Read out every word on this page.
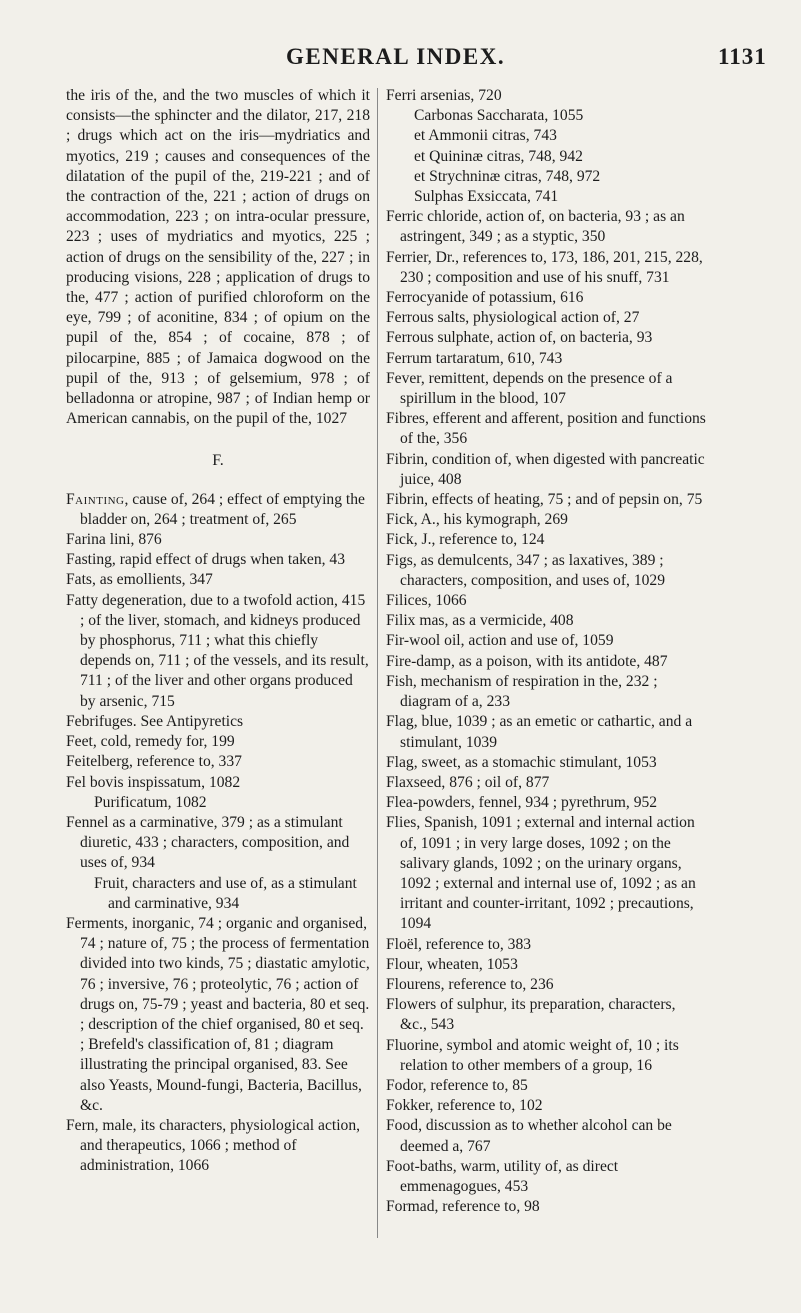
GENERAL INDEX.	1131

the iris of the, and the two muscles of which it consists—the sphincter and the dilator, 217, 218 ; drugs which act on the iris—mydriatics and myotics, 219 ; causes and consequences of the dilatation of the pupil of the, 219-221 ; and of the contraction of the, 221 ; action of drugs on accommodation, 223 ; on intra-ocular pressure, 223 ; uses of mydriatics and myotics, 225 ; action of drugs on the sensibility of the, 227 ; in producing visions, 228 ; application of drugs to the, 477 ; action of purified chloroform on the eye, 799 ; of aconitine, 834 ; of opium on the pupil of the, 854 ; of cocaine, 878 ; of pilocarpine, 885 ; of Jamaica dogwood on the pupil of the, 913 ; of gelsemium, 978 ; of belladonna or atropine, 987 ; of Indian hemp or American cannabis, on the pupil of the, 1027

F.

Fainting, cause of, 264 ; effect of emptying the bladder on, 264 ; treatment of, 265

Farina lini, 876

Fasting, rapid effect of drugs when taken, 43

Fats, as emollients, 347

Fatty degeneration, due to a twofold action, 415 ; of the liver, stomach, and kidneys produced by phosphorus, 711 ; what this chiefly depends on, 711 ; of the vessels, and its result, 711 ; of the liver and other organs produced by arsenic, 715

Febrifuges. See Antipyretics

Feet, cold, remedy for, 199

Feitelberg, reference to, 337

Fel bovis inspissatum, 1082

Purificatum, 1082

Fennel as a carminative, 379 ; as a stimulant diuretic, 433 ; characters, composition, and uses of, 934

Fruit, characters and use of, as a stimulant and carminative, 934

Ferments, inorganic, 74 ; organic and organised, 74 ; nature of, 75 ; the process of fermentation divided into two kinds, 75 ; diastatic amylotic, 76 ; inversive, 76 ; proteolytic, 76 ; action of drugs on, 75-79 ; yeast and bacteria, 80 et seq. ; description of the chief organised, 80 et seq. ; Brefeld's classification of, 81 ; diagram illustrating the principal organised, 83. See also Yeasts, Mound-fungi, Bacteria, Bacillus, &c.

Fern, male, its characters, physiological action, and therapeutics, 1066 ; method of administration, 1066

Ferri arsenias, 720

Carbonas Saccharata, 1055

et Ammonii citras, 743

et Quininæ citras, 748, 942

et Strychninæ citras, 748, 972

Sulphas Exsiccata, 741

Ferric chloride, action of, on bacteria, 93 ; as an astringent, 349 ; as a styptic, 350

Ferrier, Dr., references to, 173, 186, 201, 215, 228, 230 ; composition and use of his snuff, 731

Ferrocyanide of potassium, 616

Ferrous salts, physiological action of, 27

Ferrous sulphate, action of, on bacteria, 93

Ferrum tartaratum, 610, 743

Fever, remittent, depends on the presence of a spirillum in the blood, 107

Fibres, efferent and afferent, position and functions of the, 356

Fibrin, condition of, when digested with pancreatic juice, 408

Fibrin, effects of heating, 75 ; and of pepsin on, 75

Fick, A., his kymograph, 269

Fick, J., reference to, 124

Figs, as demulcents, 347 ; as laxatives, 389 ; characters, composition, and uses of, 1029

Filices, 1066

Filix mas, as a vermicide, 408

Fir-wool oil, action and use of, 1059

Fire-damp, as a poison, with its antidote, 487

Fish, mechanism of respiration in the, 232 ; diagram of a, 233

Flag, blue, 1039 ; as an emetic or cathartic, and a stimulant, 1039

Flag, sweet, as a stomachic stimulant, 1053

Flaxseed, 876 ; oil of, 877

Flea-powders, fennel, 934 ; pyrethrum, 952

Flies, Spanish, 1091 ; external and internal action of, 1091 ; in very large doses, 1092 ; on the salivary glands, 1092 ; on the urinary organs, 1092 ; external and internal use of, 1092 ; as an irritant and counter-irritant, 1092 ; precautions, 1094

Floël, reference to, 383

Flour, wheaten, 1053

Flourens, reference to, 236

Flowers of sulphur, its preparation, characters, &c., 543

Fluorine, symbol and atomic weight of, 10 ; its relation to other members of a group, 16

Fodor, reference to, 85

Fokker, reference to, 102

Food, discussion as to whether alcohol can be deemed a, 767

Foot-baths, warm, utility of, as direct emmenagogues, 453

Formad, reference to, 98
